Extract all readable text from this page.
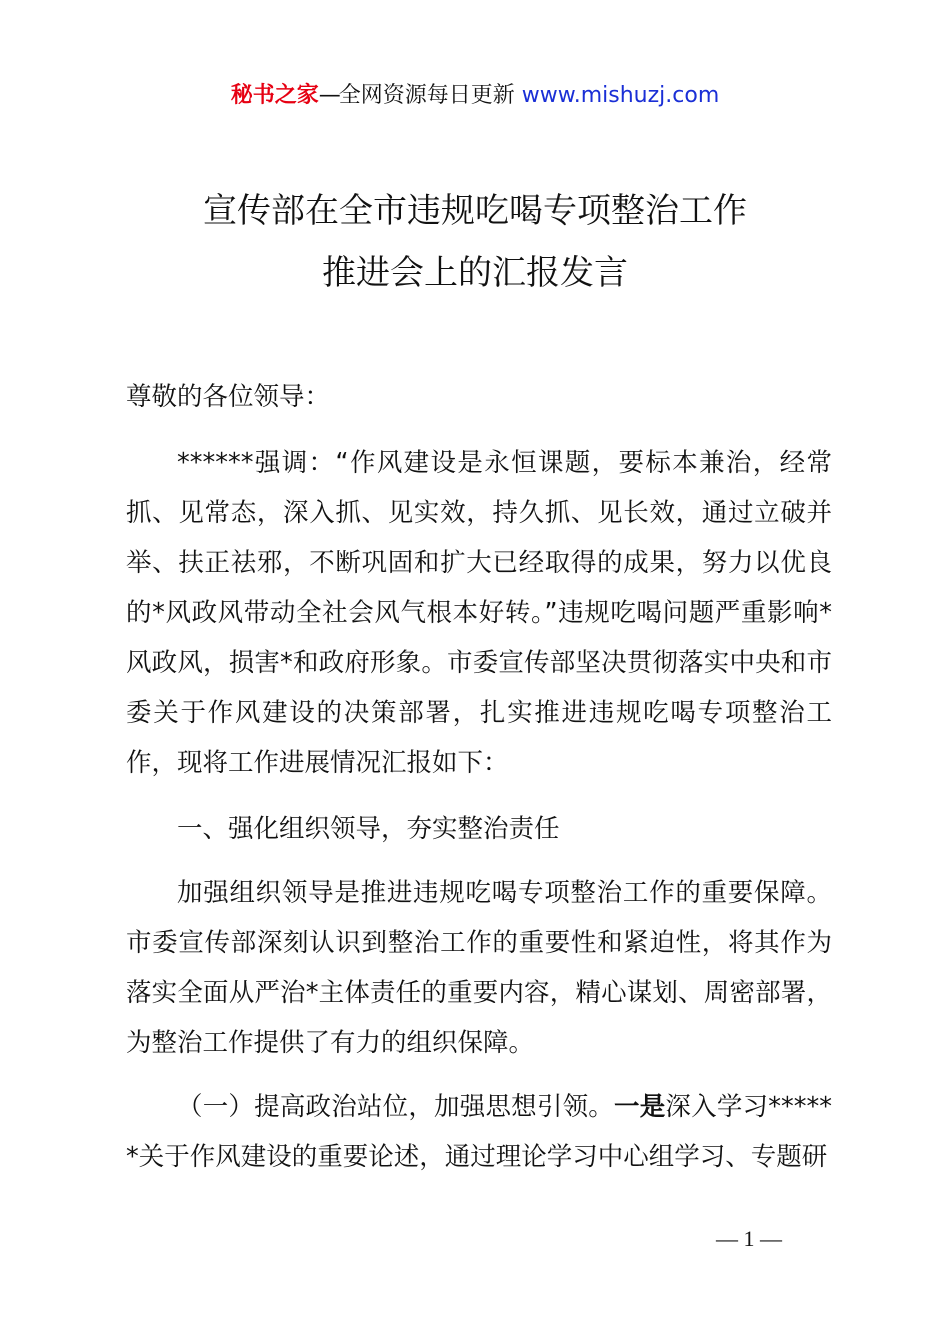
秘书之家—全网资源每日更新 www.mishuzj.com
宣传部在全市违规吃喝专项整治工作
推进会上的汇报发言

尊敬的各位领导：

******强调：“作风建设是永恒课题，要标本兼治，经常抓、见常态，深入抓、见实效，持久抓、见长效，通过立破并举、扶正祛邪，不断巩固和扩大已经取得的成果，努力以优良的*风政风带动全社会风气根本好转。”违规吃喝问题严重影响*风政风，损害*和政府形象。市委宣传部坚决贯彻落实中央和市委关于作风建设的决策部署，扎实推进违规吃喝专项整治工作，现将工作进展情况汇报如下：

一、强化组织领导，夯实整治责任

加强组织领导是推进违规吃喝专项整治工作的重要保障。市委宣传部深刻认识到整治工作的重要性和紧迫性，将其作为落实全面从严治*主体责任的重要内容，精心谋划、周密部署，为整治工作提供了有力的组织保障。

（一）提高政治站位，加强思想引领。一是深入学习******关于作风建设的重要论述，通过理论学习中心组学习、专题研

— 1 —
